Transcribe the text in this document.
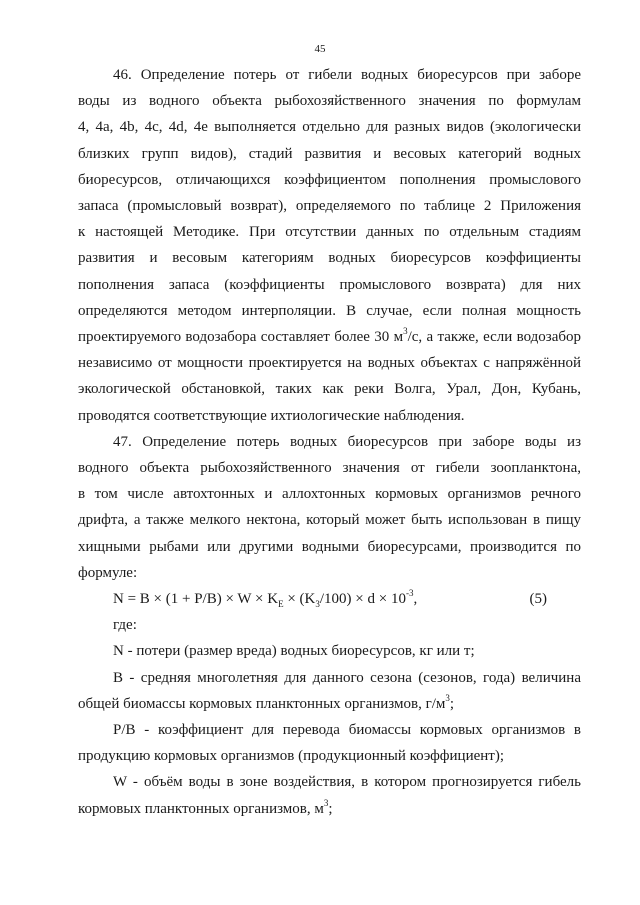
45
46. Определение потерь от гибели водных биоресурсов при заборе
воды из водного объекта рыбохозяйственного значения по формулам
4, 4a, 4b, 4c, 4d, 4e выполняется отдельно для разных видов (экологически
близких групп видов), стадий развития и весовых категорий водных
биоресурсов, отличающихся коэффициентом пополнения промыслового
запаса (промысловый возврат), определяемого по таблице 2 Приложения
к настоящей Методике. При отсутствии данных по отдельным стадиям
развития и весовым категориям водных биоресурсов коэффициенты
пополнения запаса (коэффициенты промыслового возврата) для них
определяются методом интерполяции. В случае, если полная мощность
проектируемого водозабора составляет более 30 $м^3/с$, а также, если водозабор
независимо от мощности проектируется на водных объектах с напряжённой
экологической обстановкой, таких как реки Волга, Урал, Дон, Кубань,
проводятся соответствующие ихтиологические наблюдения.
47. Определение потерь водных биоресурсов при заборе воды из
водного объекта рыбохозяйственного значения от гибели зоопланктона,
в том числе автохтонных и аллохтонных кормовых организмов речного
дрифта, а также мелкого нектона, который может быть использован в пищу
хищными рыбами или другими водными биоресурсами, производится по
формуле:
$N = B \times (1 + P/B) \times W \times K_E \times (K_3/100) \times d \times 10^{-3}$,	(5)
где:
N - потери (размер вреда) водных биоресурсов, кг или т;
B - средняя многолетняя для данного сезона (сезонов, года) величина
общей биомассы кормовых планктонных организмов, $г/м^3$;
P/B - коэффициент для перевода биомассы кормовых организмов в
продукцию кормовых организмов (продукционный коэффициент);
W - объём воды в зоне воздействия, в котором прогнозируется гибель
кормовых планктонных организмов, $м^3$;
